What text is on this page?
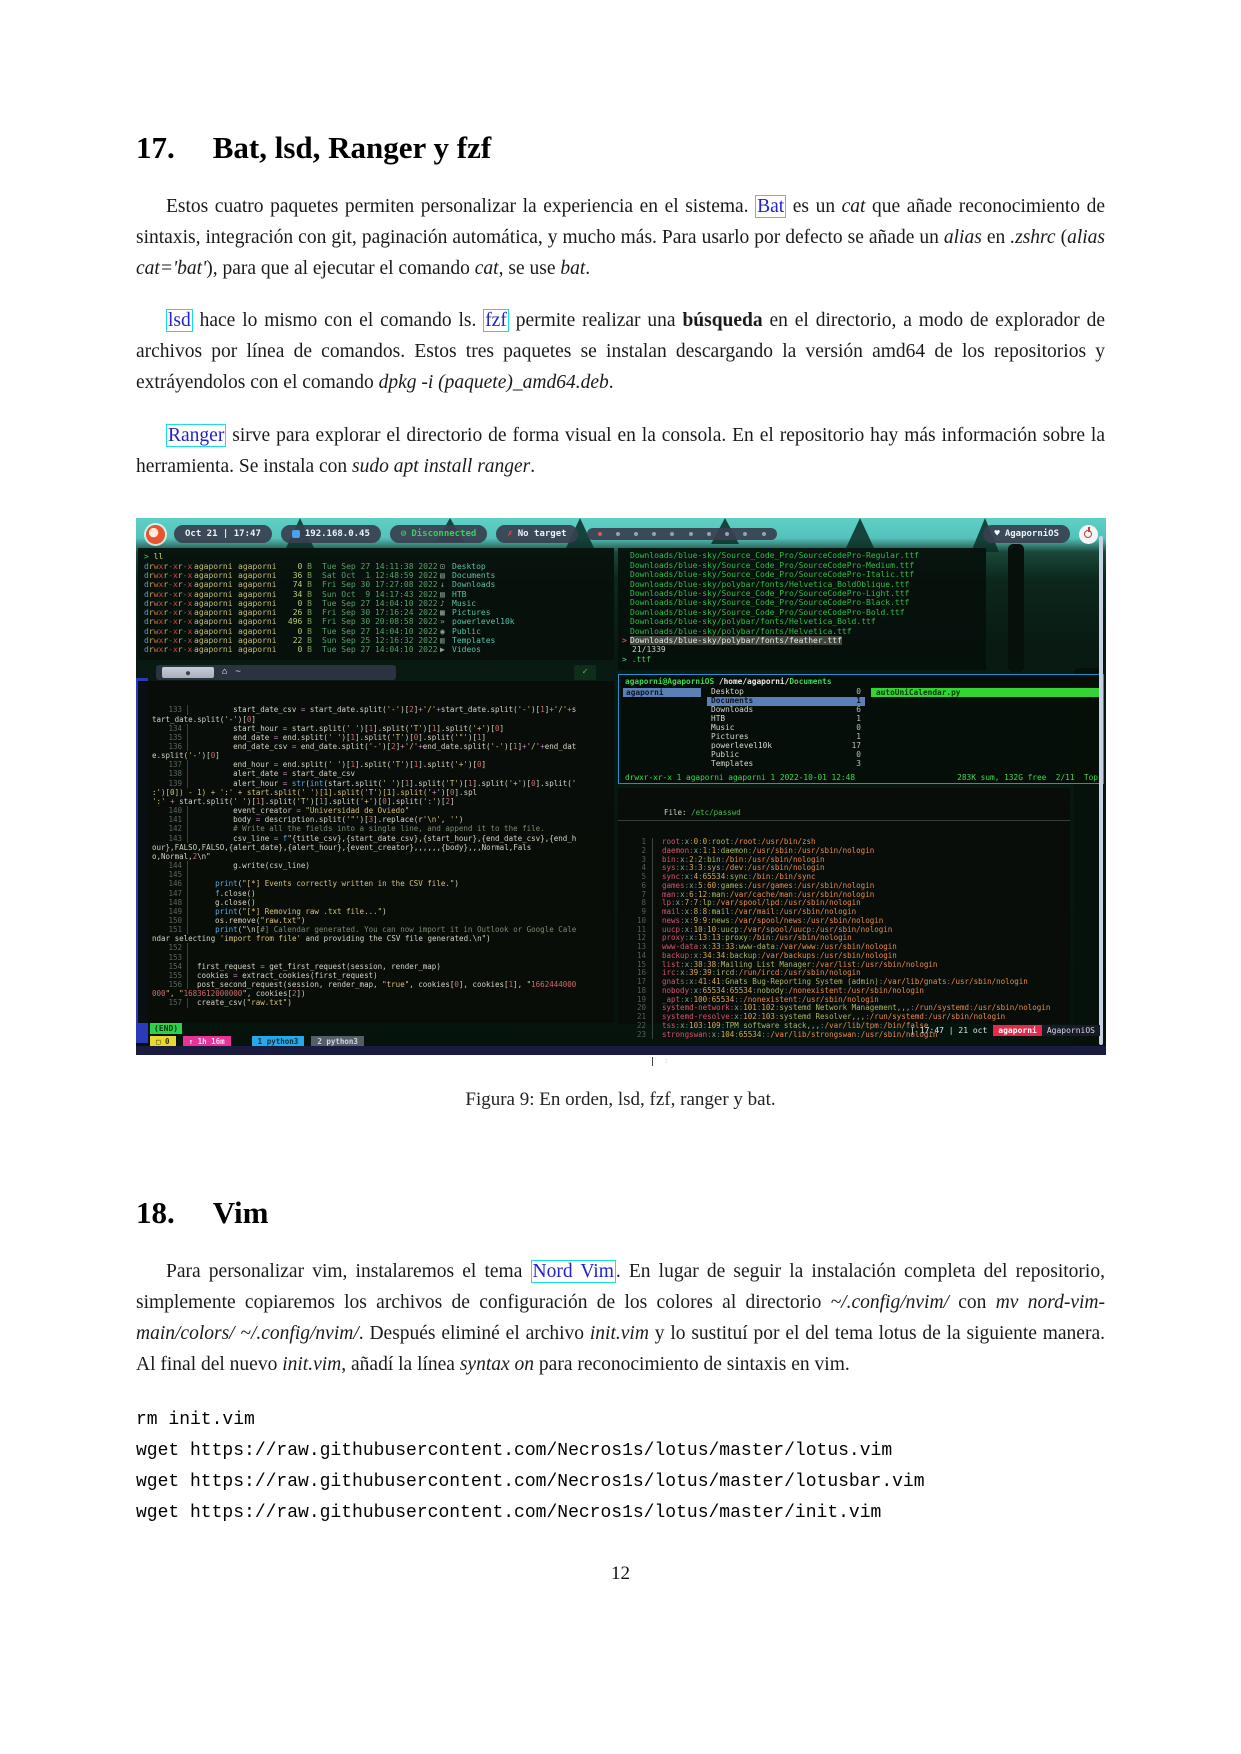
17. Bat, lsd, Ranger y fzf

Estos cuatro paquetes permiten personalizar la experiencia en el sistema. Bat es un cat que añade reconocimiento de sintaxis, integración con git, paginación automática, y mucho más. Para usarlo por defecto se añade un alias en .zshrc (alias cat='bat'), para que al ejecutar el comando cat, se use bat.

lsd hace lo mismo con el comando ls. fzf permite realizar una búsqueda en el directorio, a modo de explorador de archivos por línea de comandos. Estos tres paquetes se instalan descargando la versión amd64 de los repositorios y extráyendolos con el comando dpkg -i (paquete)_amd64.deb.

Ranger sirve para explorar el directorio de forma visual en la consola. En el repositorio hay más información sobre la herramienta. Se instala con sudo apt install ranger.

Oct 21 | 17:47	192.168.0.45	⊘ Disconnected	✗ No target	♥ AgaporniOS
> ll
drwxr-xr-x agaporni agaporni	0 B Tue Sep 27 14:11:38 2022 ⊡ Desktop
drwxr-xr-x agaporni agaporni	36 B Sat Oct  1 12:48:59 2022 ▤ Documents
drwxr-xr-x agaporni agaporni	74 B Fri Sep 30 17:27:08 2022 ↓ Downloads
drwxr-xr-x agaporni agaporni	34 B Sun Oct  9 14:17:43 2022 ▨ HTB
drwxr-xr-x agaporni agaporni	0 B Tue Sep 27 14:04:10 2022 ♪ Music
drwxr-xr-x agaporni agaporni	26 B Fri Sep 30 17:16:24 2022 ▦ Pictures
drwxr-xr-x agaporni agaporni	496 B Fri Sep 30 20:08:58 2022 » powerlevel10k
drwxr-xr-x agaporni agaporni	0 B Tue Sep 27 14:04:10 2022 ◉ Public
drwxr-xr-x agaporni agaporni	22 B Sun Sep 25 12:16:32 2022 ▥ Templates
drwxr-xr-x agaporni agaporni	0 B Tue Sep 27 14:04:10 2022 ▶ Videos

Downloads/blue-sky/Source_Code_Pro/SourceCodePro-Regular.ttf

Downloads/blue-sky/Source_Code_Pro/SourceCodePro-Medium.ttf

Downloads/blue-sky/Source_Code_Pro/SourceCodePro-Italic.ttf

Downloads/blue-sky/polybar/fonts/Helvetica_BoldOblique.ttf

Downloads/blue-sky/Source_Code_Pro/SourceCodePro-Light.ttf

Downloads/blue-sky/Source_Code_Pro/SourceCodePro-Black.ttf

Downloads/blue-sky/Source_Code_Pro/SourceCodePro-Bold.ttf

Downloads/blue-sky/polybar/fonts/Helvetica_Bold.ttf

Downloads/blue-sky/polybar/fonts/Helvetica.ttf
> Downloads/blue-sky/polybar/fonts/feather.ttf
21/1339
> .ttf
●	⌂ ~	✓
133	start_date_csv = start_date.split('-')[2]+'/'+start_date.split('-')[1]+'/'+s
tart_date.split('-')[0]
134	start_hour = start.split(' ')[1].split('T')[1].split('+')[0]
135	end_date = end.split(' ')[1].split('T')[0].split('"')[1]
136	end_date_csv = end_date.split('-')[2]+'/'+end_date.split('-')[1]+'/'+end_dat
e.split('-')[0]
137	end_hour = end.split(' ')[1].split('T')[1].split('+')[0]
138	alert_date = start_date_csv
139	alert_hour = str(int(start.split(' ')[1].split('T')[1].split('+')[0].split('
:')[0]) - 1) + ':' + start.split(' ')[1].split('T')[1].split('+')[0].spl
':' + start.split(' ')[1].split('T')[1].split('+')[0].split(':')[2]
140	event_creator = "Universidad de Oviedo"
141	body = description.split('"')[3].replace(r'\n', '')
142	# Write all the fields into a single line, and append it to the file.
143	csv_line = f"{title_csv},{start_date_csv},{start_hour},{end_date_csv},{end_h
our},FALSO,FALSO,{alert_date},{alert_hour},{event_creator},,,,,,{body},,,Normal,Fals
o,Normal,2\n"
144	g.write(csv_line)
145
146	print("[*] Events correctly written in the CSV file.")
147	f.close()
148	g.close()
149	print("[*] Removing raw .txt file...")
150	os.remove("raw.txt")
151	print("\n[#] Calendar generated. You can now import it in Outlook or Google Cale
ndar selecting 'import from file' and providing the CSV file generated.\n")
152
153
154	first_request = get_first_request(session, render_map)
155	cookies = extract_cookies(first_request)
156	post_second_request(session, render_map, "true", cookies[0], cookies[1], "1662444000
000", "1683612000000", cookies[2])
157	create_csv("raw.txt")
(END)
□ 0	↑ 1h 16m	1 python3	2 python3
agaporni@AgaporniOS /home/agaporni/Documents
agaporni	Desktop	0
Documents	1
Downloads	6
HTB	1
Music	0
Pictures	1
powerlevel10k	17
Public	0
Templates	3
autoUniCalendar.py
drwxr-xr-x 1 agaporni agaporni 1 2022-10-01 12:48	283K sum, 132G free  2/11  Top

File: /etc/passwd

1	root:x:0:0:root:/root:/usr/bin/zsh
2	daemon:x:1:1:daemon:/usr/sbin:/usr/sbin/nologin
3	bin:x:2:2:bin:/bin:/usr/sbin/nologin
4	sys:x:3:3:sys:/dev:/usr/sbin/nologin
5	sync:x:4:65534:sync:/bin:/bin/sync
6	games:x:5:60:games:/usr/games:/usr/sbin/nologin
7	man:x:6:12:man:/var/cache/man:/usr/sbin/nologin
8	lp:x:7:7:lp:/var/spool/lpd:/usr/sbin/nologin
9	mail:x:8:8:mail:/var/mail:/usr/sbin/nologin
10	news:x:9:9:news:/var/spool/news:/usr/sbin/nologin
11	uucp:x:10:10:uucp:/var/spool/uucp:/usr/sbin/nologin
12	proxy:x:13:13:proxy:/bin:/usr/sbin/nologin
13	www-data:x:33:33:www-data:/var/www:/usr/sbin/nologin
14	backup:x:34:34:backup:/var/backups:/usr/sbin/nologin
15	list:x:38:38:Mailing List Manager:/var/list:/usr/sbin/nologin
16	irc:x:39:39:ircd:/run/ircd:/usr/sbin/nologin
17	gnats:x:41:41:Gnats Bug-Reporting System (admin):/var/lib/gnats:/usr/sbin/nologin
18	nobody:x:65534:65534:nobody:/nonexistent:/usr/sbin/nologin
19	_apt:x:100:65534::/nonexistent:/usr/sbin/nologin
20	systemd-network:x:101:102:systemd Network Management,,,:/run/systemd:/usr/sbin/nologin
21	systemd-resolve:x:102:103:systemd Resolver,,,:/run/systemd:/usr/sbin/nologin
22	tss:x:103:109:TPM software stack,,,:/var/lib/tpm:/bin/false
23	strongswan:x:104:65534::/var/lib/strongswan:/usr/sbin/nologin

:

| 17:47 | 21 oct	agaporni	AgaporniOS
Figura 9: En orden, lsd, fzf, ranger y bat.
18. Vim

Para personalizar vim, instalaremos el tema Nord Vim . En lugar de seguir la instalación completa del repositorio, simplemente copiaremos los archivos de configuración de los colores al directorio ~/.config/nvim/ con mv nord-vim-main/colors/ ~/.config/nvim/. Después eliminé el archivo init.vim y lo sustituí por el del tema lotus de la siguiente manera. Al final del nuevo init.vim, añadí la línea syntax on para reconocimiento de sintaxis en vim.

rm init.vim
wget https://raw.githubusercontent.com/Necros1s/lotus/master/lotus.vim
wget https://raw.githubusercontent.com/Necros1s/lotus/master/lotusbar.vim
wget https://raw.githubusercontent.com/Necros1s/lotus/master/init.vim
12
